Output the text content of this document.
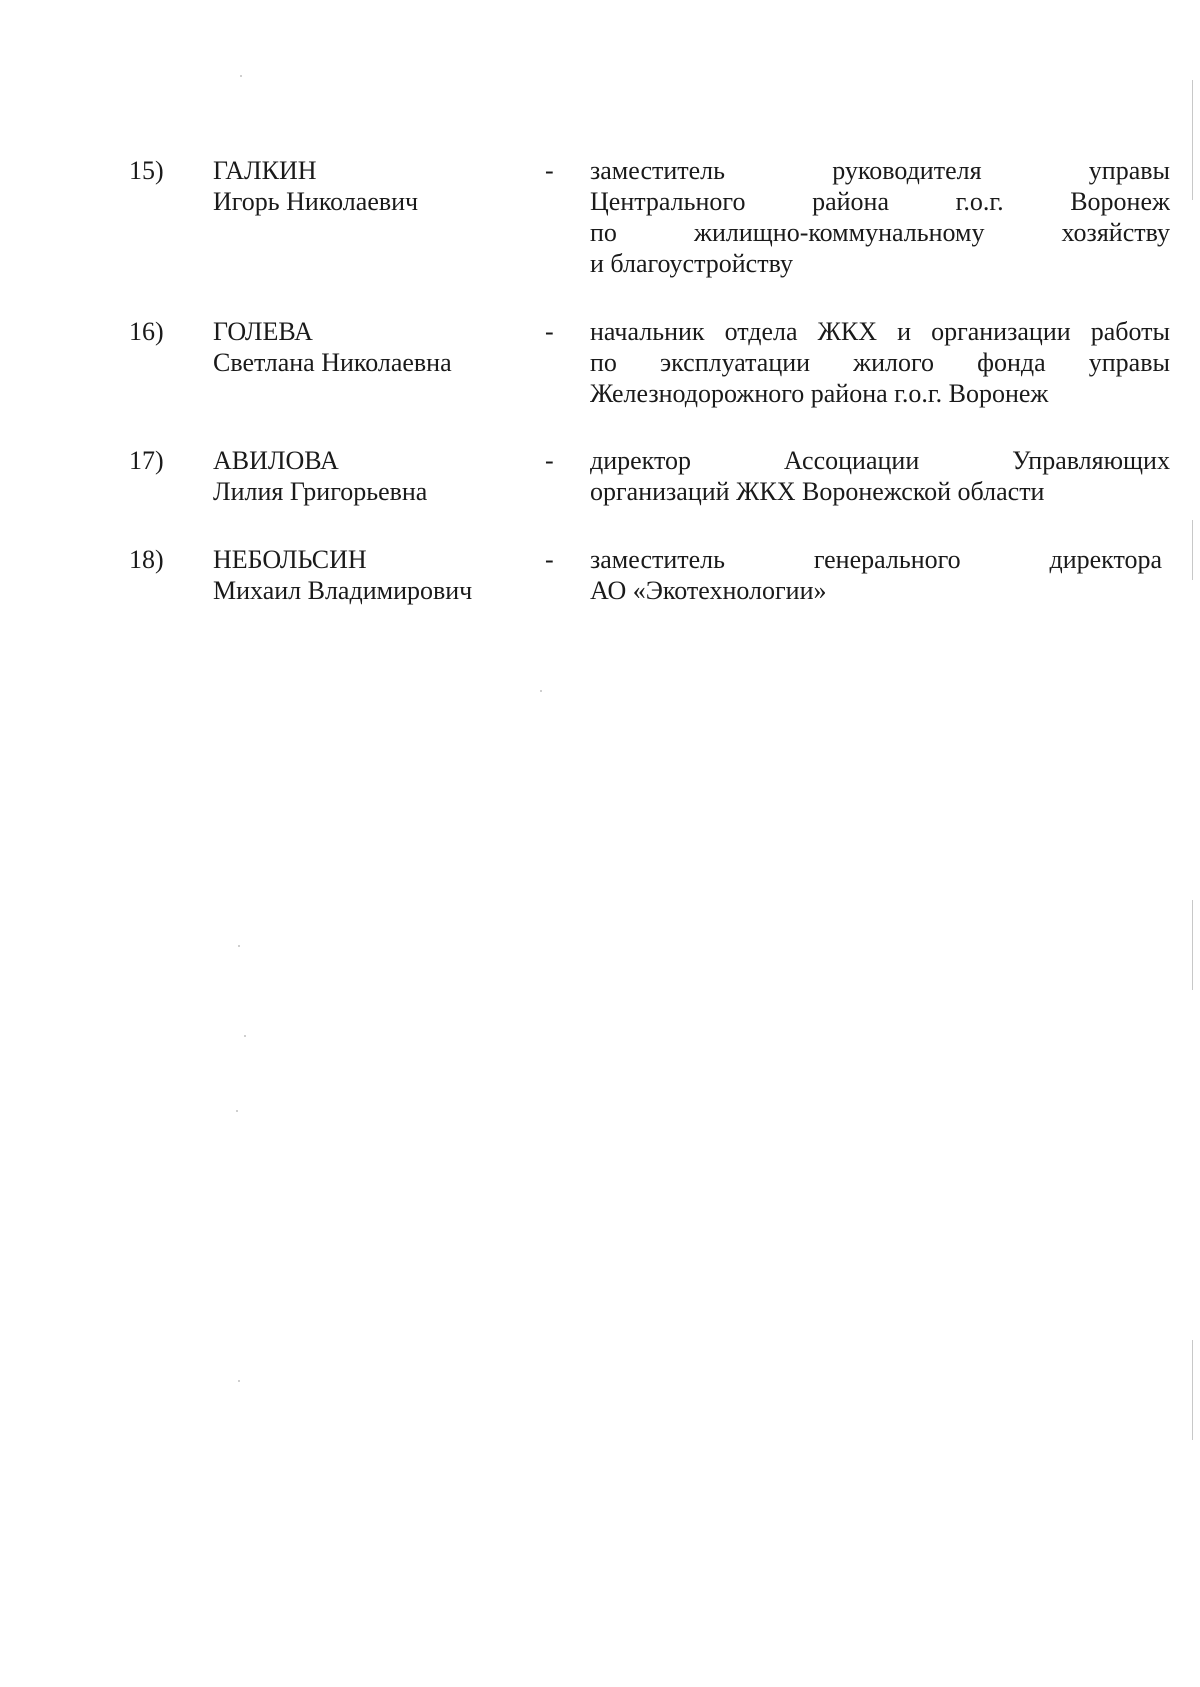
15) ГАЛКИН
Игорь Николаевич
- заместитель	руководителя	управы
Центрального	района	г.о.г.	Воронеж
по	жилищно-коммунальному	хозяйству
и благоустройству
16) ГОЛЕВА
Светлана Николаевна
- начальник отдела ЖКХ и организации работы
по эксплуатации жилого фонда управы
Железнодорожного района г.о.г. Воронеж
17) АВИЛОВА
Лилия Григорьевна
- директор	Ассоциации	Управляющих
организаций ЖКХ Воронежской области
18) НЕБОЛЬСИН
Михаил Владимирович
- заместитель	генерального	директора
АО «Экотехнологии»
